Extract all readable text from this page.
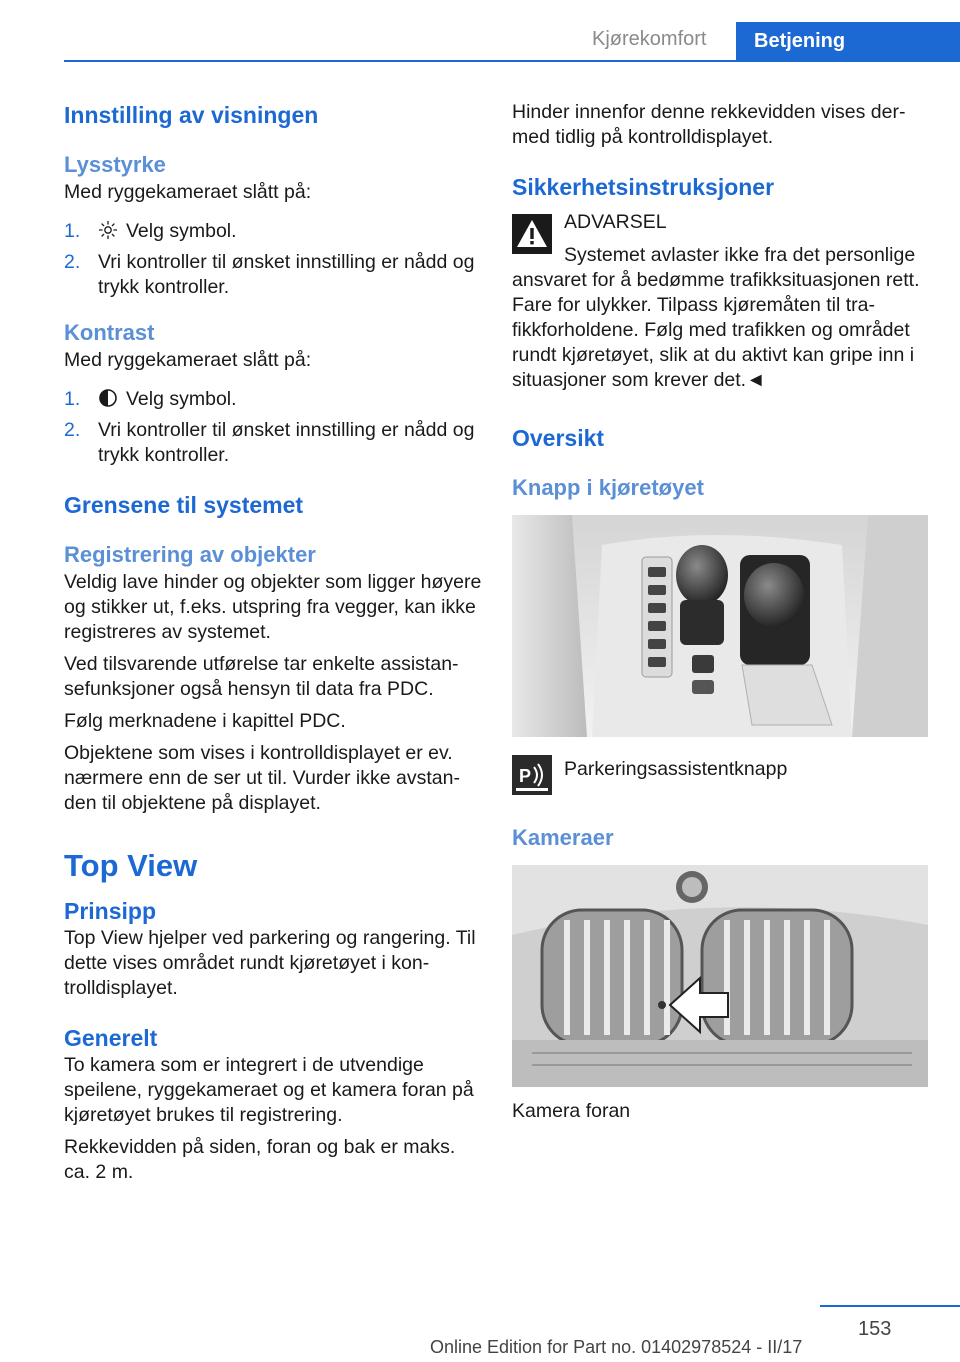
Kjørekomfort	Betjening
Innstilling av visningen
Lysstyrke

Med ryggekameraet slått på:

1.	Velg symbol.
2. Vri kontroller til ønsket innstilling er nådd og trykk kontroller.
Kontrast

Med ryggekameraet slått på:

1.	Velg symbol.
2. Vri kontroller til ønsket innstilling er nådd og trykk kontroller.
Grensene til systemet
Registrering av objekter

Veldig lave hinder og objekter som ligger høyere og stikker ut, f.eks. utspring fra vegger, kan ikke registreres av systemet.

Ved tilsvarende utførelse tar enkelte assistansefunksjoner også hensyn til data fra PDC.

Følg merknadene i kapittel PDC.

Objektene som vises i kontrolldisplayet er ev. nærmere enn de ser ut til. Vurder ikke avstanden til objektene på displayet.

Top View
Prinsipp

Top View hjelper ved parkering og rangering. Til dette vises området rundt kjøretøyet i kontrolldisplayet.

Generelt

To kamera som er integrert i de utvendige speilene, ryggekameraet og et kamera foran på kjøretøyet brukes til registrering.

Rekkevidden på siden, foran og bak er maks. ca. 2 m.

Hinder innenfor denne rekkevidden vises dermed tidlig på kontrolldisplayet.

Sikkerhetsinstruksjoner
ADVARSEL
Systemet avlaster ikke fra det personlige

ansvaret for å bedømme trafikksituasjonen rett. Fare for ulykker. Tilpass kjøremåten til trafikkforholdene. Følg med trafikken og området rundt kjøretøyet, slik at du aktivt kan gripe inn i situasjoner som krever det.◄

Oversikt
Knapp i kjøretøyet
P Parkeringsassistentknapp
Kameraer
Kamera foran
153
Online Edition for Part no. 01402978524 - II/17
